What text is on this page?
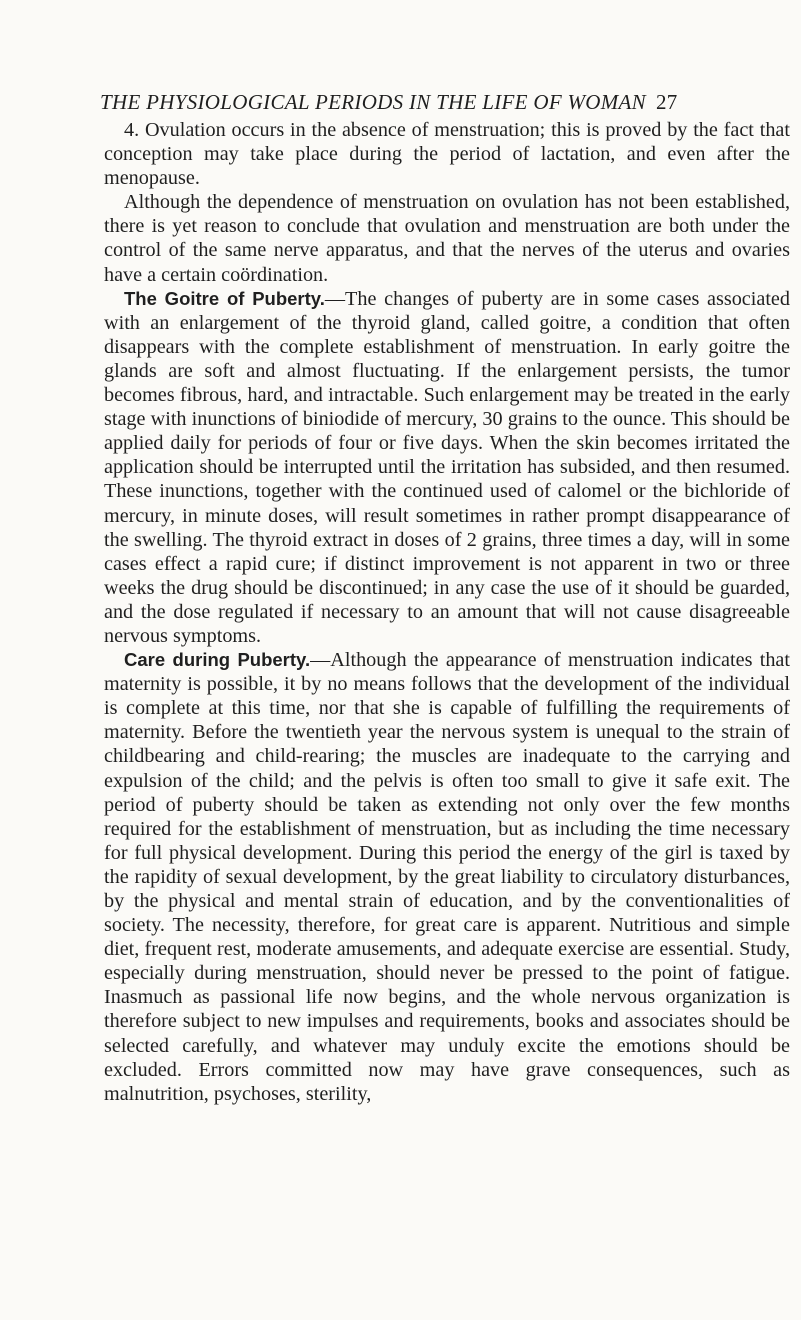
THE PHYSIOLOGICAL PERIODS IN THE LIFE OF WOMAN 27

4. Ovulation occurs in the absence of menstruation; this is proved by the fact that conception may take place during the period of lactation, and even after the menopause.

Although the dependence of menstruation on ovulation has not been established, there is yet reason to conclude that ovulation and menstruation are both under the control of the same nerve apparatus, and that the nerves of the uterus and ovaries have a certain coördination.

The Goitre of Puberty.—The changes of puberty are in some cases associated with an enlargement of the thyroid gland, called goitre, a condition that often disappears with the complete establishment of menstruation. In early goitre the glands are soft and almost fluctuating. If the enlargement persists, the tumor becomes fibrous, hard, and intractable. Such enlargement may be treated in the early stage with inunctions of biniodide of mercury, 30 grains to the ounce. This should be applied daily for periods of four or five days. When the skin becomes irritated the application should be interrupted until the irritation has subsided, and then resumed. These inunctions, together with the continued used of calomel or the bichloride of mercury, in minute doses, will result sometimes in rather prompt disappearance of the swelling. The thyroid extract in doses of 2 grains, three times a day, will in some cases effect a rapid cure; if distinct improvement is not apparent in two or three weeks the drug should be discontinued; in any case the use of it should be guarded, and the dose regulated if necessary to an amount that will not cause disagreeable nervous symptoms.

Care during Puberty.—Although the appearance of menstruation indicates that maternity is possible, it by no means follows that the development of the individual is complete at this time, nor that she is capable of fulfilling the requirements of maternity. Before the twentieth year the nervous system is unequal to the strain of childbearing and child-rearing; the muscles are inadequate to the carrying and expulsion of the child; and the pelvis is often too small to give it safe exit. The period of puberty should be taken as extending not only over the few months required for the establishment of menstruation, but as including the time necessary for full physical development. During this period the energy of the girl is taxed by the rapidity of sexual development, by the great liability to circulatory disturbances, by the physical and mental strain of education, and by the conventionalities of society. The necessity, therefore, for great care is apparent. Nutritious and simple diet, frequent rest, moderate amusements, and adequate exercise are essential. Study, especially during menstruation, should never be pressed to the point of fatigue. Inasmuch as passional life now begins, and the whole nervous organization is therefore subject to new impulses and requirements, books and associates should be selected carefully, and whatever may unduly excite the emotions should be excluded. Errors committed now may have grave consequences, such as malnutrition, psychoses, sterility,
